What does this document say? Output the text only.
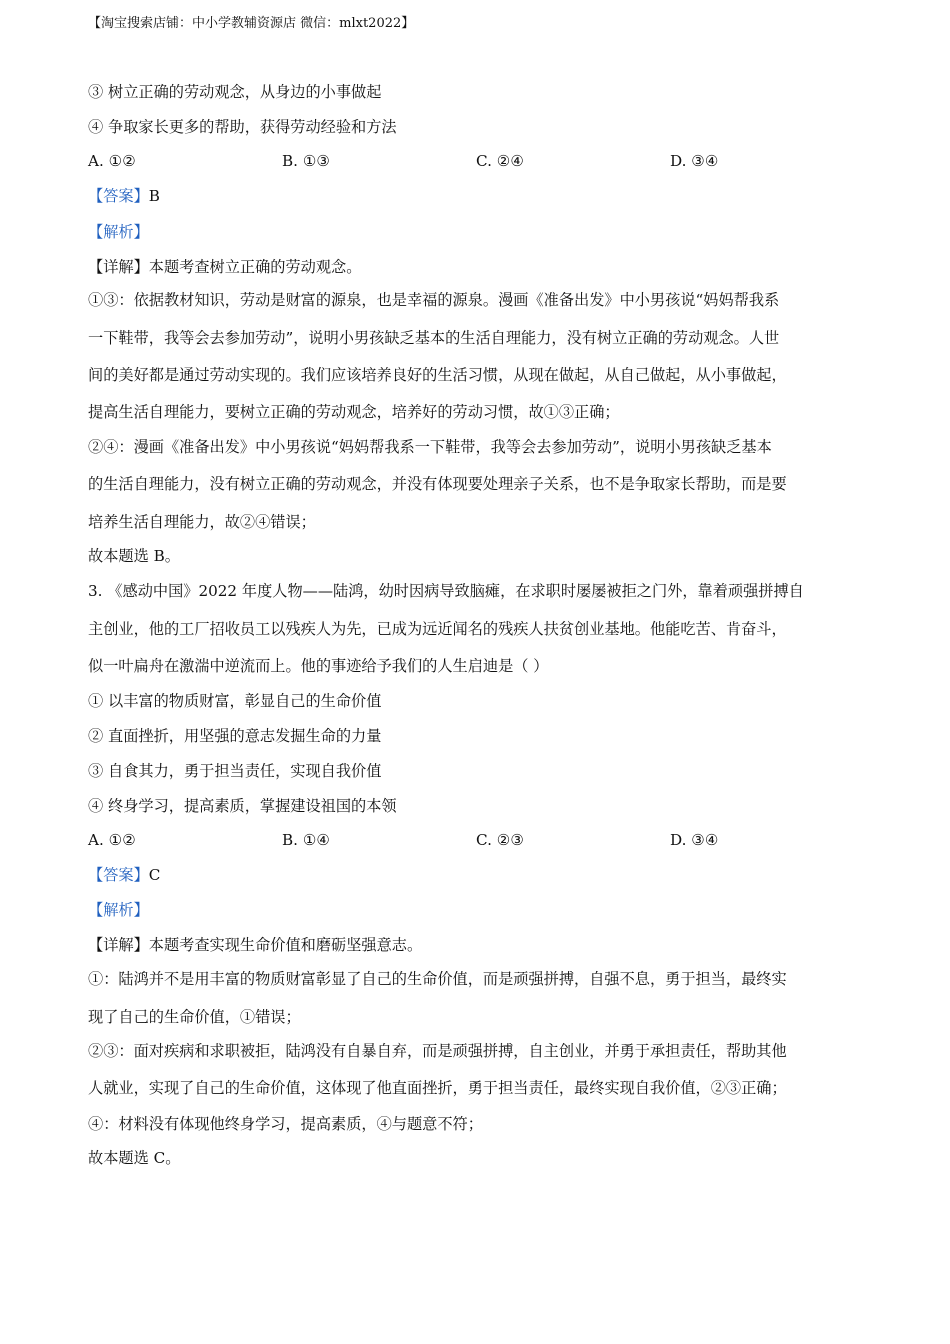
【淘宝搜索店铺：中小学教辅资源店 微信：mlxt2022】
③ 树立正确的劳动观念，从身边的小事做起
④ 争取家长更多的帮助，获得劳动经验和方法
A. ①②	B. ①③	C. ②④	D. ③④
【答案】B
【解析】
【详解】本题考查树立正确的劳动观念。
①③：依据教材知识，劳动是财富的源泉，也是幸福的源泉。漫画《准备出发》中小男孩说“妈妈帮我系
一下鞋带，我等会去参加劳动”，说明小男孩缺乏基本的生活自理能力，没有树立正确的劳动观念。人世
间的美好都是通过劳动实现的。我们应该培养良好的生活习惯，从现在做起，从自己做起，从小事做起，
提高生活自理能力，要树立正确的劳动观念，培养好的劳动习惯，故①③正确；
②④：漫画《准备出发》中小男孩说“妈妈帮我系一下鞋带，我等会去参加劳动”，说明小男孩缺乏基本
的生活自理能力，没有树立正确的劳动观念，并没有体现要处理亲子关系，也不是争取家长帮助，而是要
培养生活自理能力，故②④错误；
故本题选 B。
3. 《感动中国》2022 年度人物——陆鸿，幼时因病导致脑瘫，在求职时屡屡被拒之门外，靠着顽强拼搏自
主创业，他的工厂招收员工以残疾人为先，已成为远近闻名的残疾人扶贫创业基地。他能吃苦、肯奋斗，
似一叶扁舟在激湍中逆流而上。他的事迹给予我们的人生启迪是（ ）
① 以丰富的物质财富，彰显自己的生命价值
② 直面挫折，用坚强的意志发掘生命的力量
③ 自食其力，勇于担当责任，实现自我价值
④ 终身学习，提高素质，掌握建设祖国的本领
A. ①②	B. ①④	C. ②③	D. ③④
【答案】C
【解析】
【详解】本题考查实现生命价值和磨砺坚强意志。
①：陆鸿并不是用丰富的物质财富彰显了自己的生命价值，而是顽强拼搏，自强不息，勇于担当，最终实
现了自己的生命价值，①错误；
②③：面对疾病和求职被拒，陆鸿没有自暴自弃，而是顽强拼搏，自主创业，并勇于承担责任，帮助其他
人就业，实现了自己的生命价值，这体现了他直面挫折，勇于担当责任，最终实现自我价值，②③正确；
④：材料没有体现他终身学习，提高素质，④与题意不符；
故本题选 C。
